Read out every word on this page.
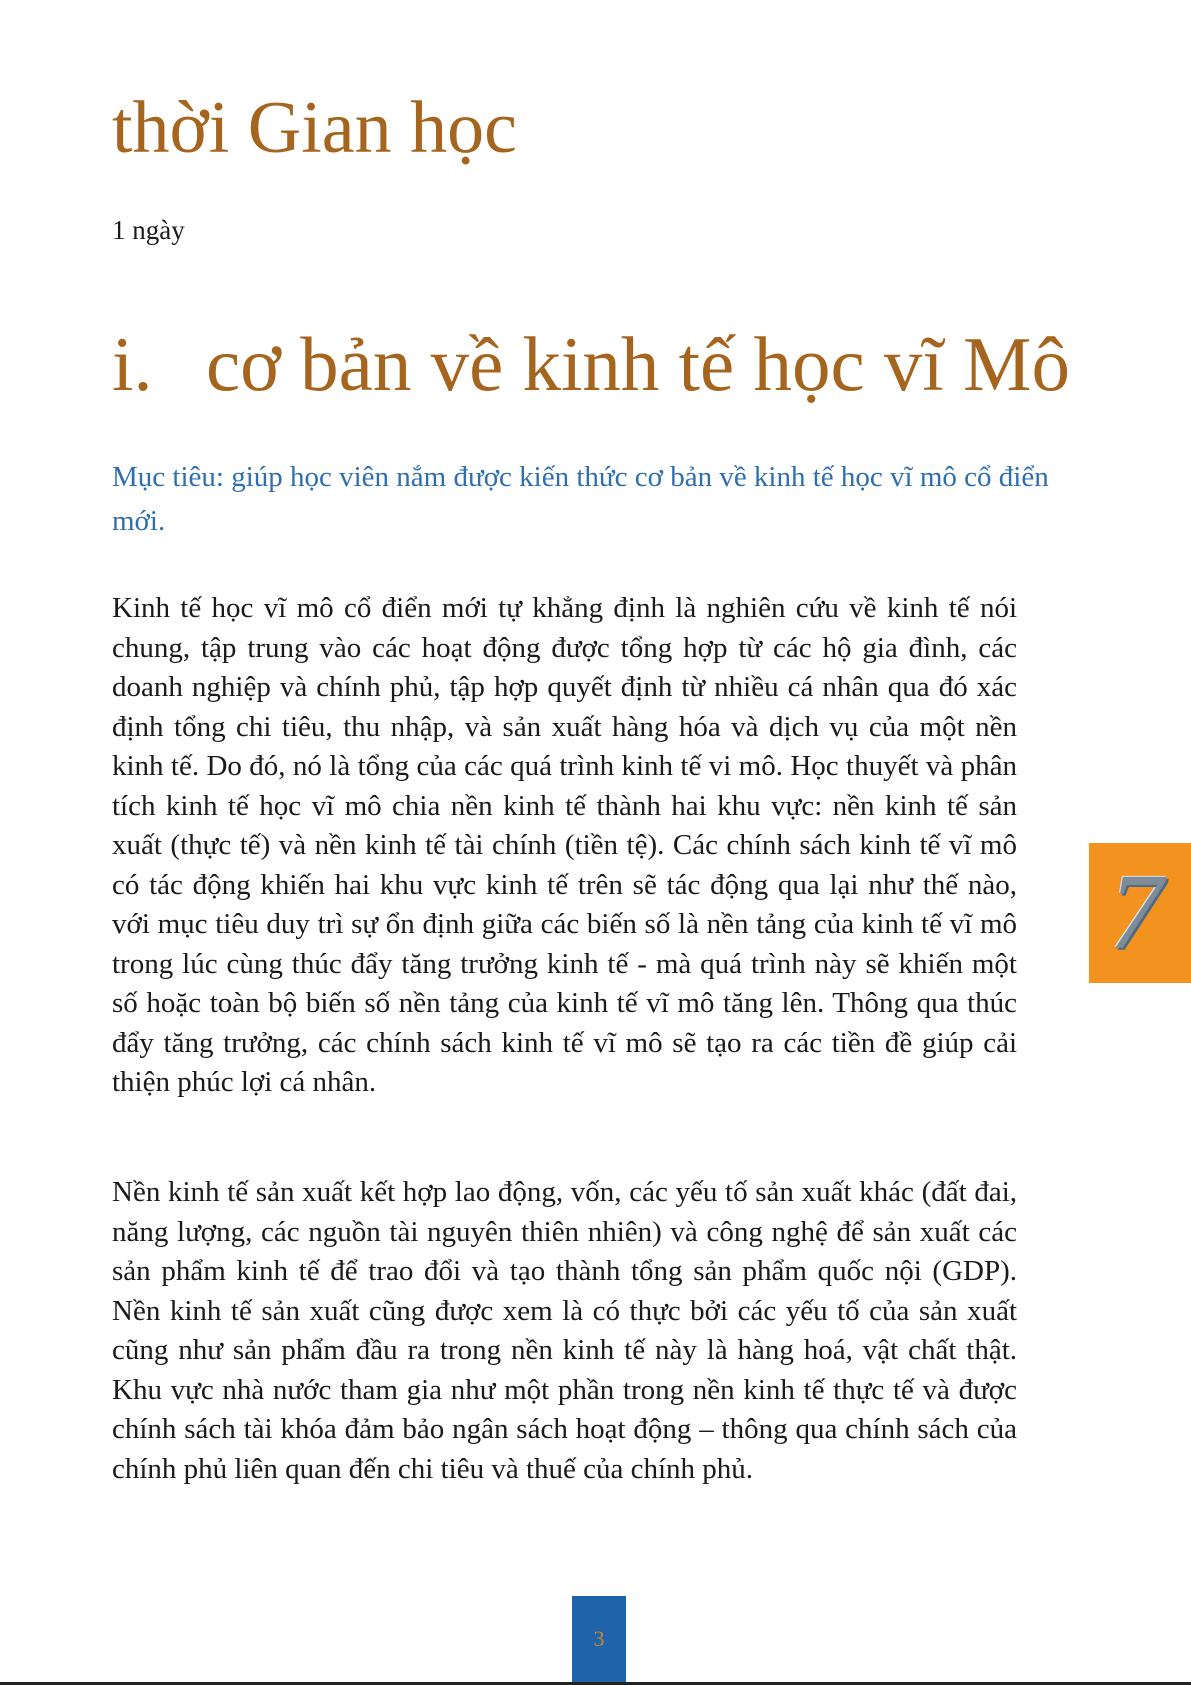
thời Gian học
1 ngày
i. cơ bản về kinh tế học vĩ Mô

Mục tiêu: giúp học viên nắm được kiến thức cơ bản về kinh tế học vĩ mô cổ điển mới.

Kinh tế học vĩ mô cổ điển mới tự khẳng định là nghiên cứu về kinh tế nói chung, tập trung vào các hoạt động được tổng hợp từ các hộ gia đình, các doanh nghiệp và chính phủ, tập hợp quyết định từ nhiều cá nhân qua đó xác định tổng chi tiêu, thu nhập, và sản xuất hàng hóa và dịch vụ của một nền kinh tế. Do đó, nó là tổng của các quá trình kinh tế vi mô. Học thuyết và phân tích kinh tế học vĩ mô chia nền kinh tế thành hai khu vực: nền kinh tế sản xuất (thực tế) và nền kinh tế tài chính (tiền tệ). Các chính sách kinh tế vĩ mô có tác động khiến hai khu vực kinh tế trên sẽ tác động qua lại như thế nào, với mục tiêu duy trì sự ổn định giữa các biến số là nền tảng của kinh tế vĩ mô trong lúc cùng thúc đẩy tăng trưởng kinh tế - mà quá trình này sẽ khiến một số hoặc toàn bộ biến số nền tảng của kinh tế vĩ mô tăng lên. Thông qua thúc đẩy tăng trưởng, các chính sách kinh tế vĩ mô sẽ tạo ra các tiền đề giúp cải thiện phúc lợi cá nhân.

Nền kinh tế sản xuất kết hợp lao động, vốn, các yếu tố sản xuất khác (đất đai, năng lượng, các nguồn tài nguyên thiên nhiên) và công nghệ để sản xuất các sản phẩm kinh tế để trao đổi và tạo thành tổng sản phẩm quốc nội (GDP). Nền kinh tế sản xuất cũng được xem là có thực bởi các yếu tố của sản xuất cũng như sản phẩm đầu ra trong nền kinh tế này là hàng hoá, vật chất thật. Khu vực nhà nước tham gia như một phần trong nền kinh tế thực tế và được chính sách tài khóa đảm bảo ngân sách hoạt động – thông qua chính sách của chính phủ liên quan đến chi tiêu và thuế của chính phủ.

7
3
